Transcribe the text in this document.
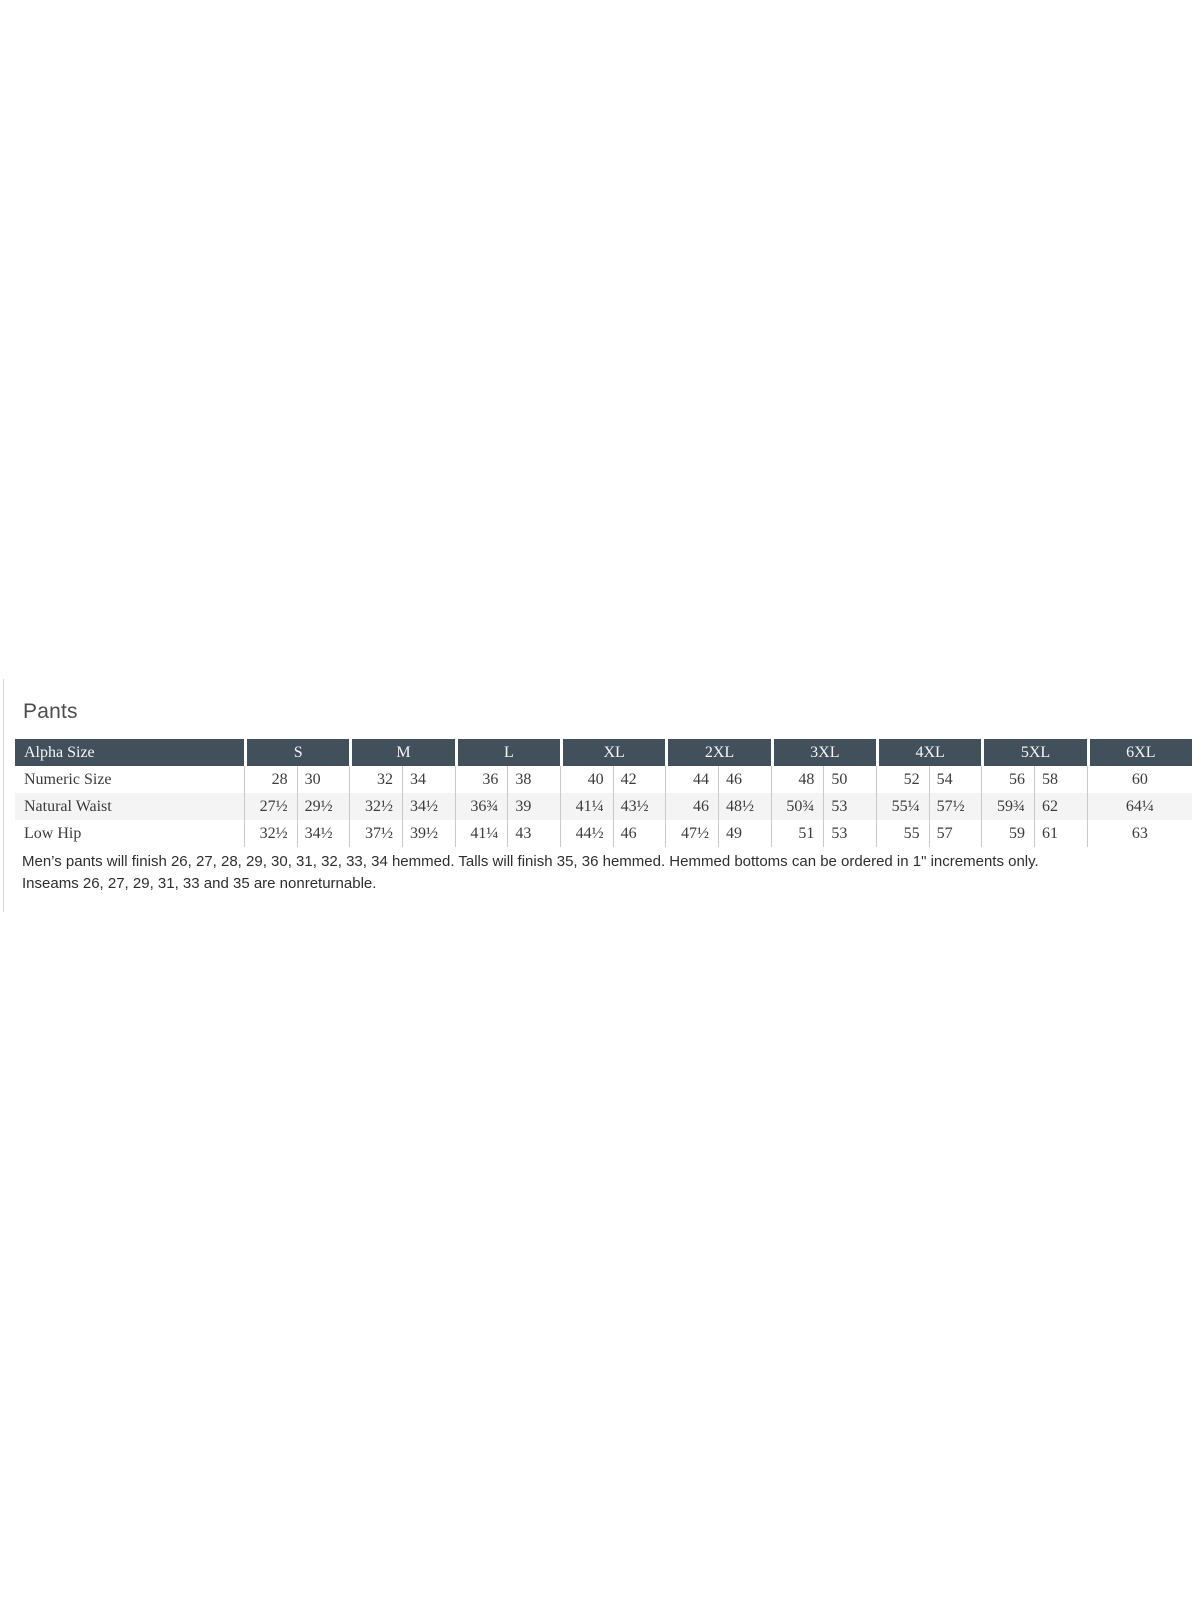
Pants
Alpha Size	S	M	L	XL	2XL	3XL	4XL	5XL	6XL
Numeric Size	28	30	32	34	36	38	40	42	44	46	48	50	52	54	56	58	60
Natural Waist	27½	29½	32½	34½	36¾	39	41¼	43½	46	48½	50¾	53	55¼	57½	59¾	62	64¼
Low Hip	32½	34½	37½	39½	41¼	43	44½	46	47½	49	51	53	55	57	59	61	63
Men’s pants will finish 26, 27, 28, 29, 30, 31, 32, 33, 34 hemmed. Talls will finish 35, 36 hemmed. Hemmed bottoms can be ordered in 1" increments only.
Inseams 26, 27, 29, 31, 33 and 35 are nonreturnable.
